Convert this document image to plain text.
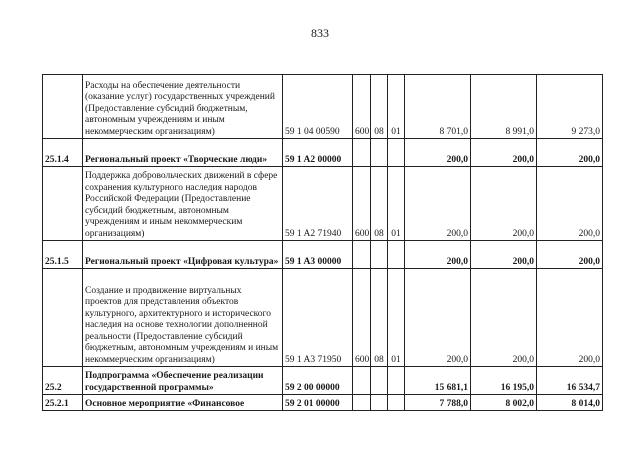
833
	Расходы на обеспечение деятельности (оказание услуг) государственных учреждений (Предоставление субсидий бюджетным, автономным учреждениям и иным некоммерческим организациям)	59 1 04 00590	600	08	01	8 701,0	8 991,0	9 273,0
25.1.4	Региональный проект «Творческие люди»	59 1 A2 00000				200,0	200,0	200,0
	Поддержка добровольческих движений в сфере сохранения культурного наследия народов Российской Федерации (Предоставление субсидий бюджетным, автономным учреждениям и иным некоммерческим организациям)	59 1 A2 71940	600	08	01	200,0	200,0	200,0
25.1.5	Региональный проект «Цифровая культура»	59 1 A3 00000				200,0	200,0	200,0
	Создание и продвижение виртуальных проектов для представления объектов культурного, архитектурного и исторического наследия на основе технологии дополненной реальности (Предоставление субсидий бюджетным, автономным учреждениям и иным некоммерческим организациям)	59 1 A3 71950	600	08	01	200,0	200,0	200,0
25.2	Подпрограмма «Обеспечение реализации государственной программы»	59 2 00 00000				15 681,1	16 195,0	16 534,7
25.2.1	Основное мероприятие «Финансовое	59 2 01 00000				7 788,0	8 002,0	8 014,0
